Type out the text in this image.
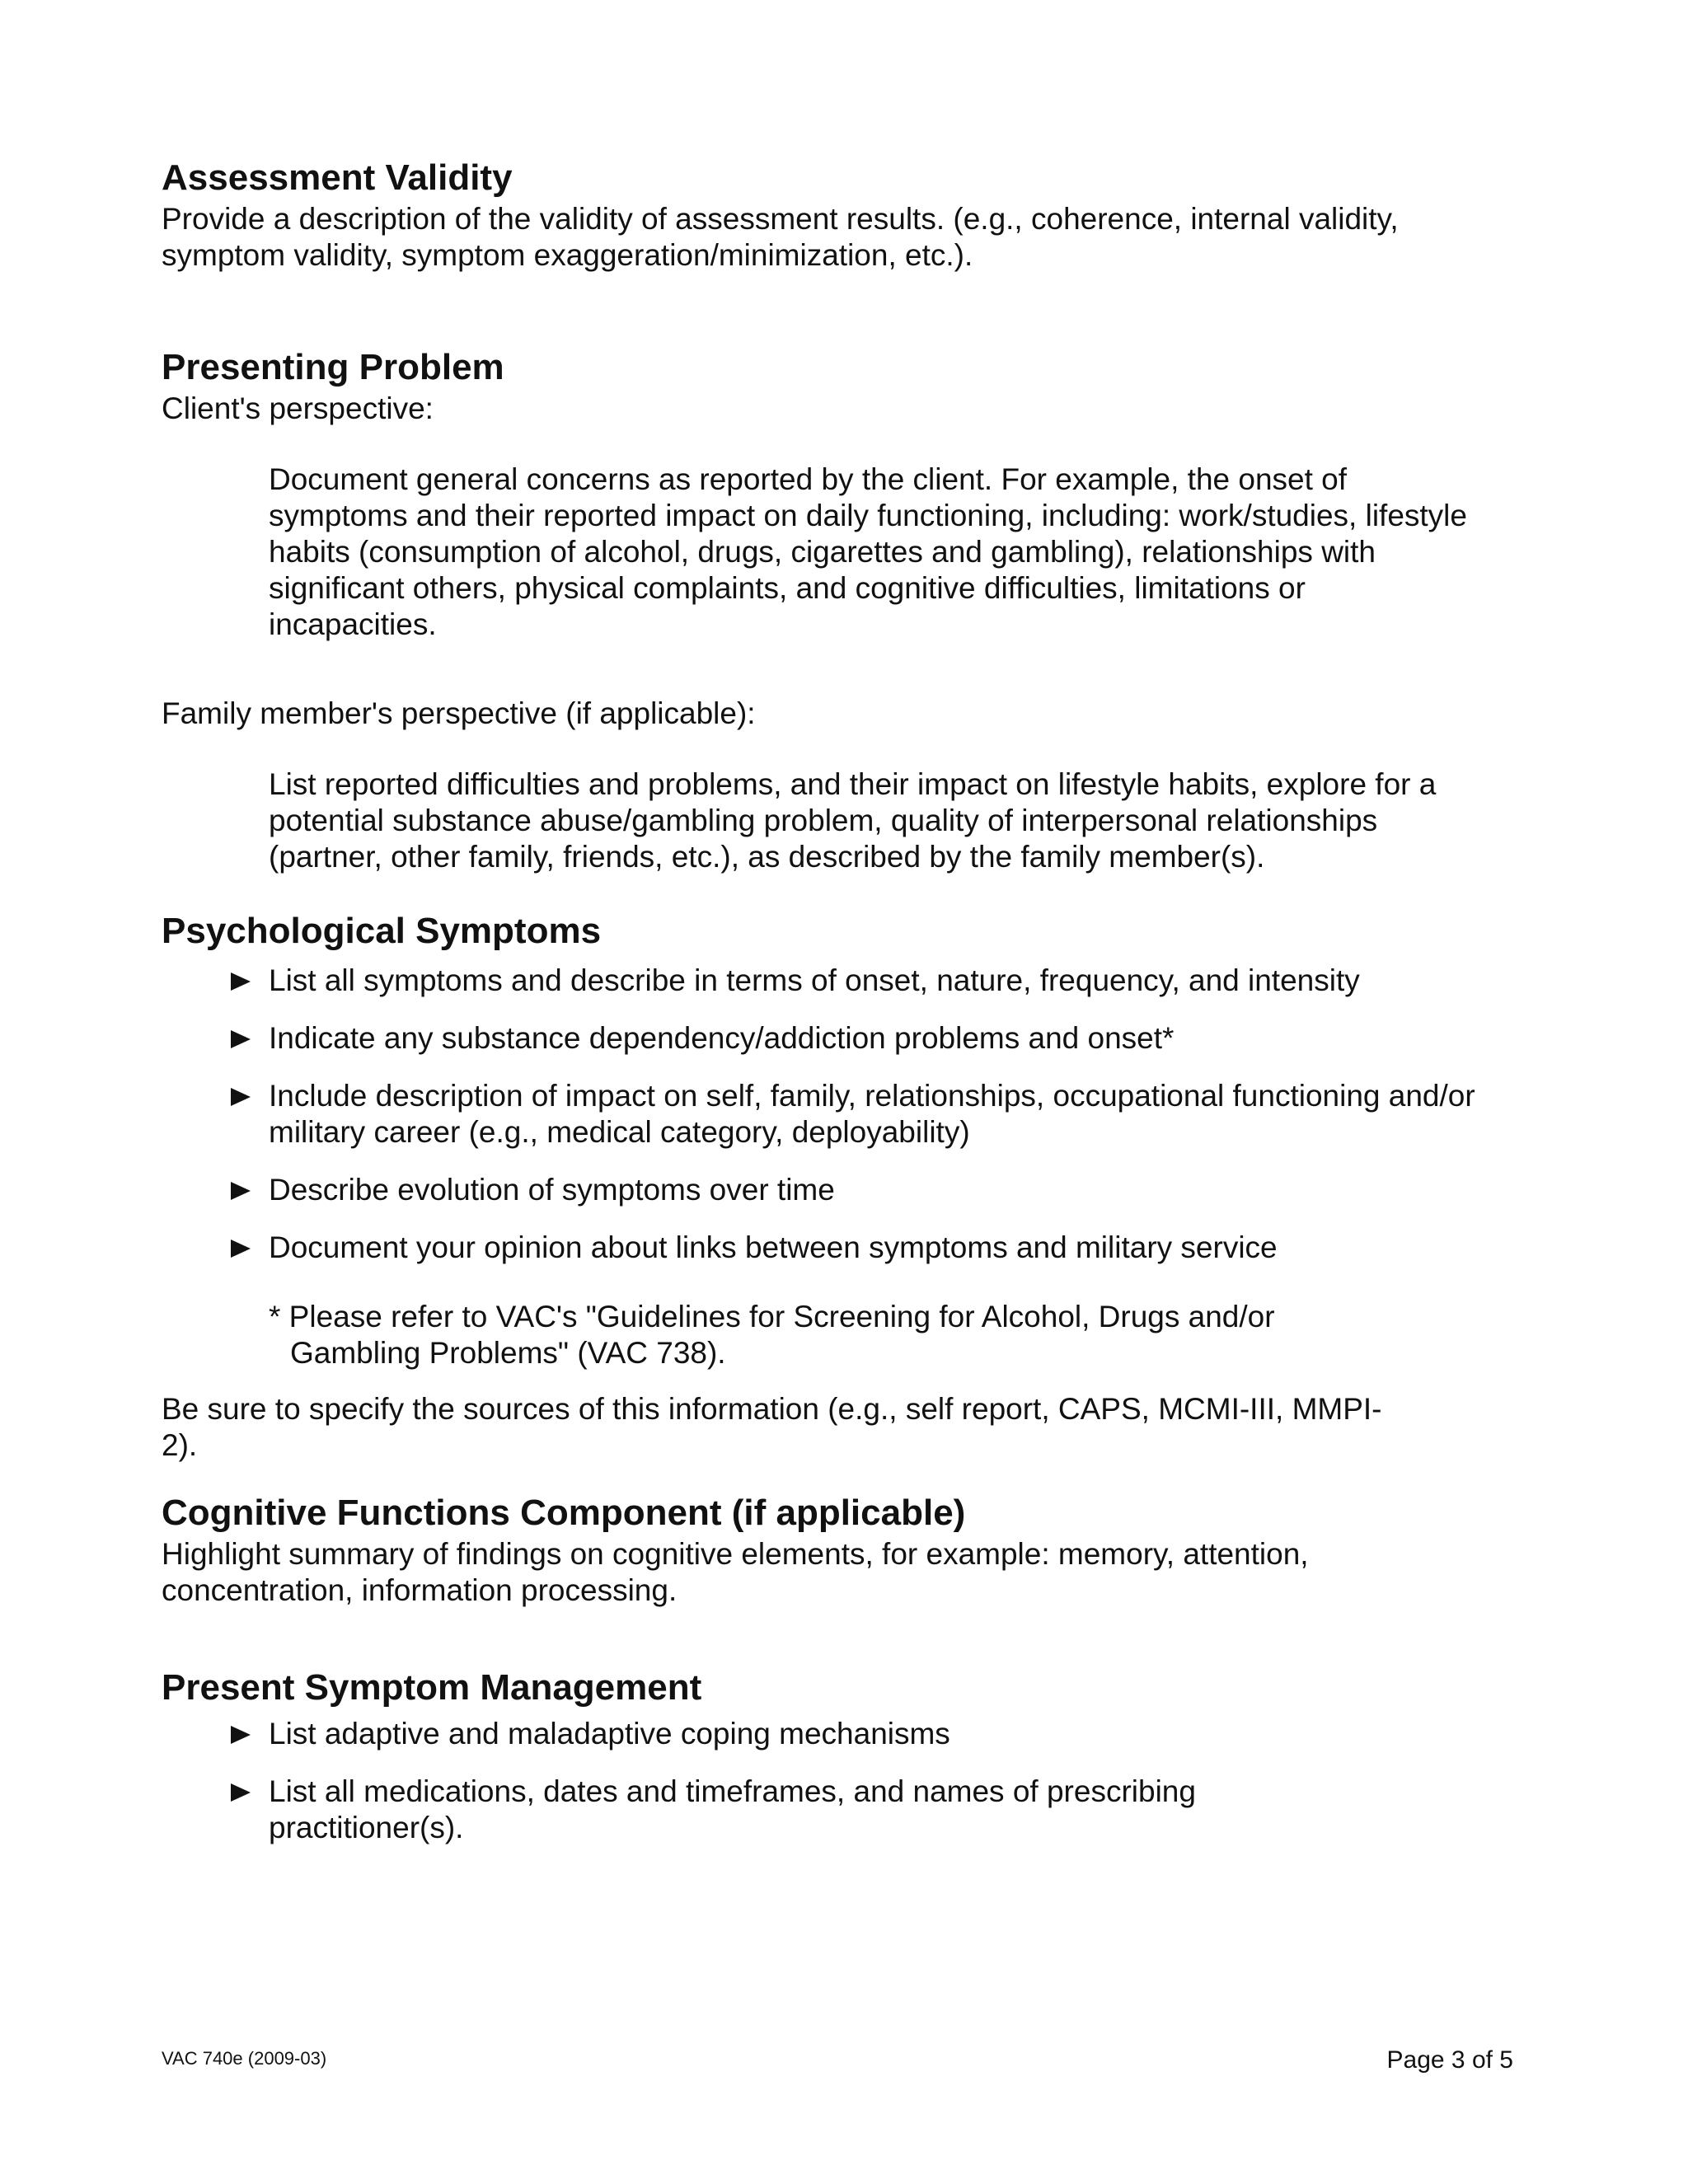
Assessment Validity

Provide a description of the validity of assessment results. (e.g., coherence, internal validity, symptom validity, symptom exaggeration/minimization, etc.).

Presenting Problem

Client's perspective:

Document general concerns as reported by the client. For example, the onset of symptoms and their reported impact on daily functioning, including: work/studies, lifestyle habits (consumption of alcohol, drugs, cigarettes and gambling), relationships with significant others, physical complaints, and cognitive difficulties, limitations or incapacities.

Family member's perspective (if applicable):

List reported difficulties and problems, and their impact on lifestyle habits, explore for a potential substance abuse/gambling problem, quality of interpersonal relationships (partner, other family, friends, etc.), as described by the family member(s).

Psychological Symptoms
List all symptoms and describe in terms of onset, nature, frequency, and intensity
Indicate any substance dependency/addiction problems and onset*
Include description of impact on self, family, relationships, occupational functioning and/or military career (e.g., medical category, deployability)
Describe evolution of symptoms over time
Document your opinion about links between symptoms and military service
* Please refer to VAC's "Guidelines for Screening for Alcohol, Drugs and/or
Gambling Problems" (VAC 738).

Be sure to specify the sources of this information (e.g., self report, CAPS, MCMI-III, MMPI-2).

Cognitive Functions Component (if applicable)

Highlight summary of findings on cognitive elements, for example: memory, attention, concentration, information processing.

Present Symptom Management
List adaptive and maladaptive coping mechanisms
List all medications, dates and timeframes, and names of prescribing practitioner(s).
VAC 740e (2009-03)	Page 3 of 5
